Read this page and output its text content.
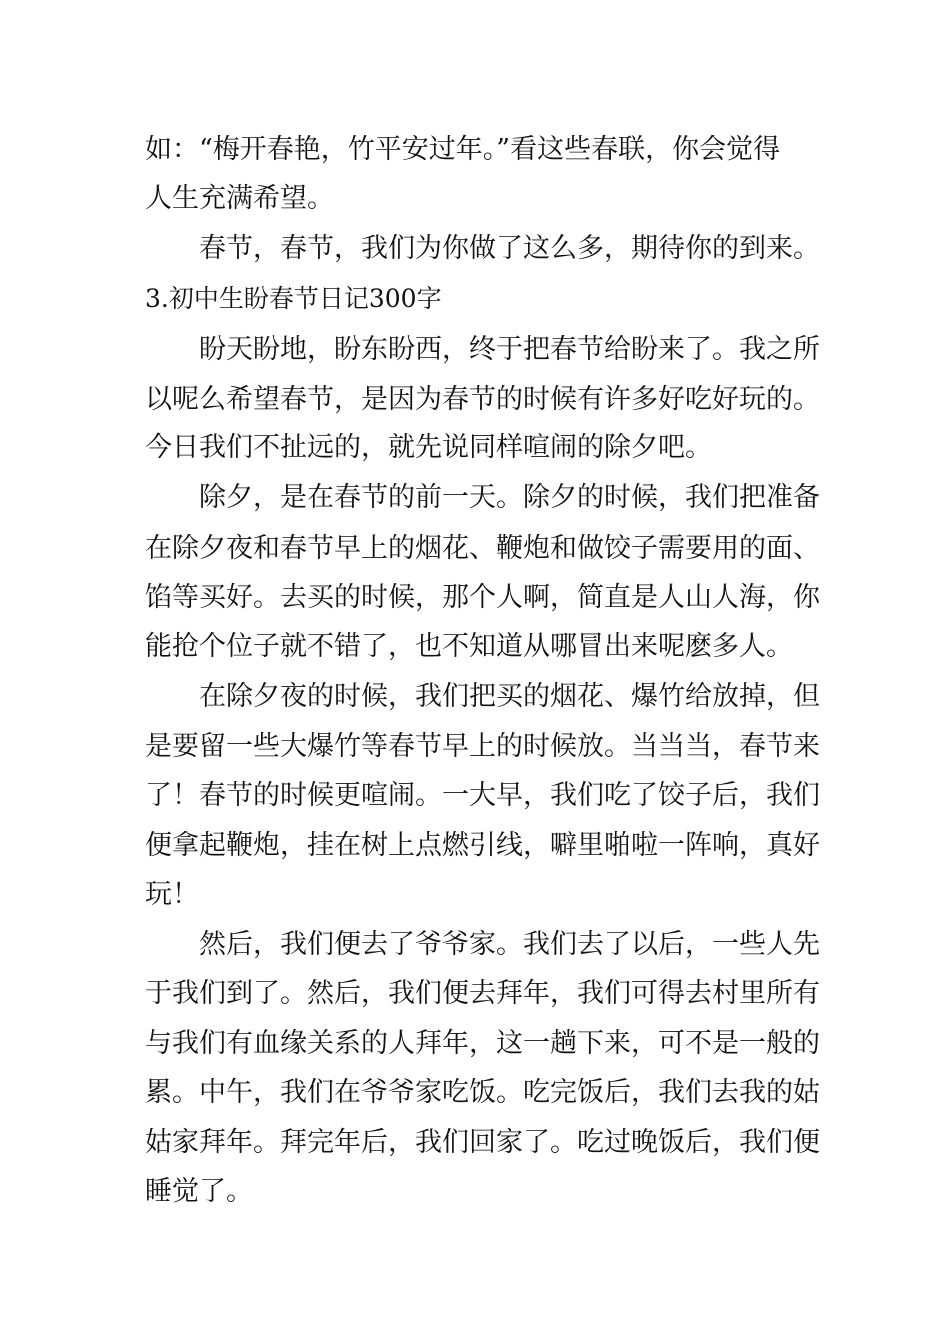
如：“梅开春艳，竹平安过年。”看这些春联，你会觉得

人生充满希望。

春节，春节，我们为你做了这么多，期待你的到来。

3.初中生盼春节日记300字

盼天盼地，盼东盼西，终于把春节给盼来了。我之所

以呢么希望春节，是因为春节的时候有许多好吃好玩的。

今日我们不扯远的，就先说同样喧闹的除夕吧。

除夕，是在春节的前一天。除夕的时候，我们把准备

在除夕夜和春节早上的烟花、鞭炮和做饺子需要用的面、

馅等买好。去买的时候，那个人啊，简直是人山人海，你

能抢个位子就不错了，也不知道从哪冒出来呢麽多人。

在除夕夜的时候，我们把买的烟花、爆竹给放掉，但

是要留一些大爆竹等春节早上的时候放。当当当，春节来

了！春节的时候更喧闹。一大早，我们吃了饺子后，我们

便拿起鞭炮，挂在树上点燃引线，噼里啪啦一阵响，真好

玩！

然后，我们便去了爷爷家。我们去了以后，一些人先

于我们到了。然后，我们便去拜年，我们可得去村里所有

与我们有血缘关系的人拜年，这一趟下来，可不是一般的

累。中午，我们在爷爷家吃饭。吃完饭后，我们去我的姑

姑家拜年。拜完年后，我们回家了。吃过晚饭后，我们便

睡觉了。
